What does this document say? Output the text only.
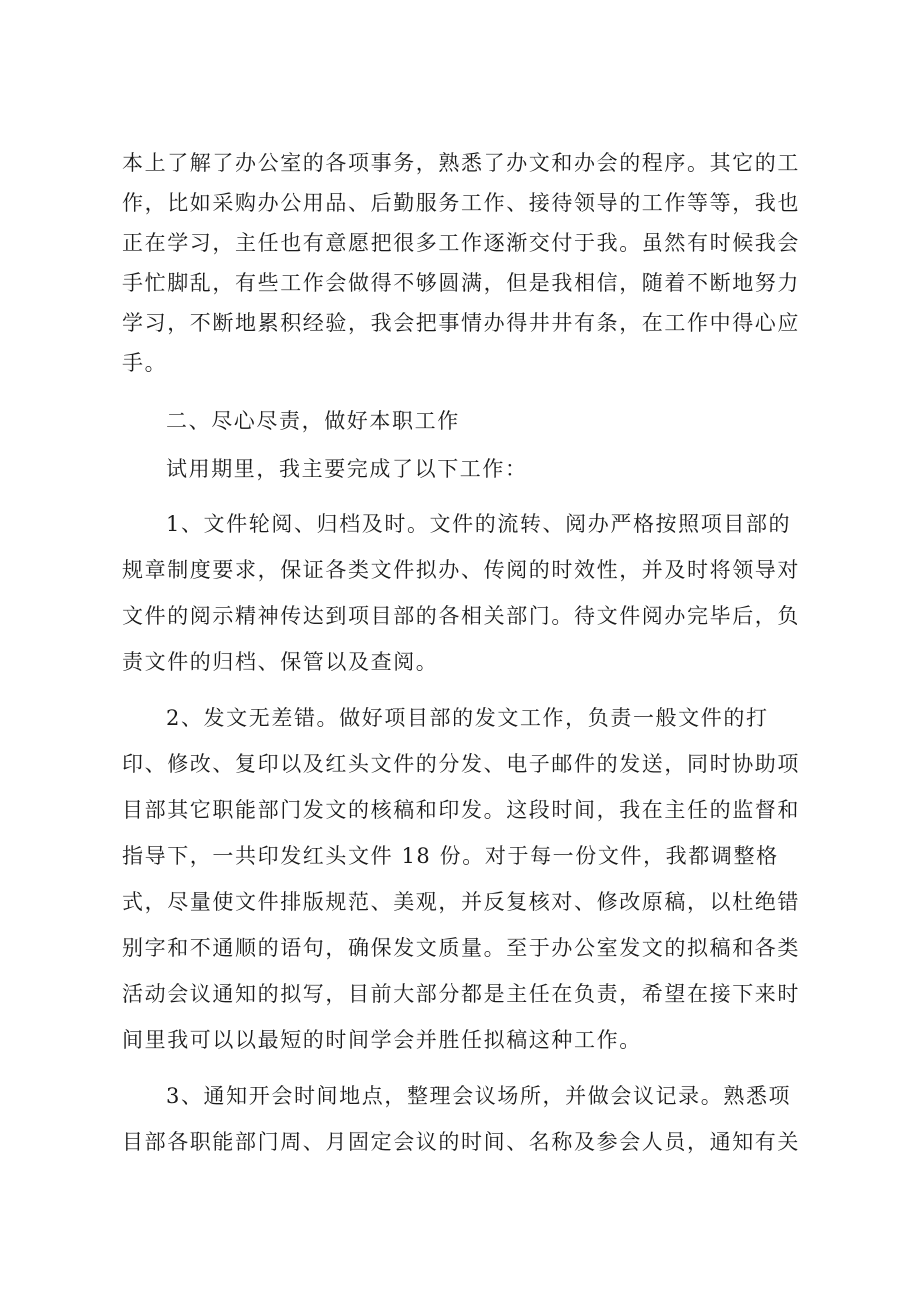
本上了解了办公室的各项事务，熟悉了办文和办会的程序。其它的工
作，比如采购办公用品、后勤服务工作、接待领导的工作等等，我也
正在学习，主任也有意愿把很多工作逐渐交付于我。虽然有时候我会
手忙脚乱，有些工作会做得不够圆满，但是我相信，随着不断地努力
学习，不断地累积经验，我会把事情办得井井有条，在工作中得心应
手。
二、尽心尽责，做好本职工作
试用期里，我主要完成了以下工作：
1、文件轮阅、归档及时。文件的流转、阅办严格按照项目部的
规章制度要求，保证各类文件拟办、传阅的时效性，并及时将领导对
文件的阅示精神传达到项目部的各相关部门。待文件阅办完毕后，负
责文件的归档、保管以及查阅。
2、发文无差错。做好项目部的发文工作，负责一般文件的打
印、修改、复印以及红头文件的分发、电子邮件的发送，同时协助项
目部其它职能部门发文的核稿和印发。这段时间，我在主任的监督和
指导下，一共印发红头文件 18 份。对于每一份文件，我都调整格
式，尽量使文件排版规范、美观，并反复核对、修改原稿，以杜绝错
别字和不通顺的语句，确保发文质量。至于办公室发文的拟稿和各类
活动会议通知的拟写，目前大部分都是主任在负责，希望在接下来时
间里我可以以最短的时间学会并胜任拟稿这种工作。
3、通知开会时间地点，整理会议场所，并做会议记录。熟悉项
目部各职能部门周、月固定会议的时间、名称及参会人员，通知有关
